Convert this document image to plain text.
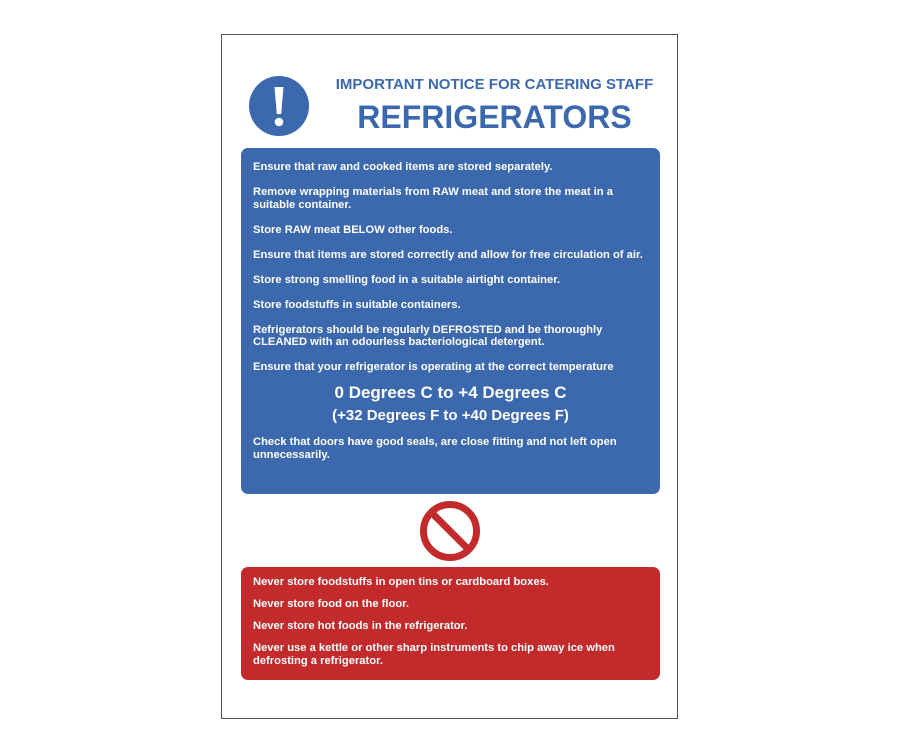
IMPORTANT NOTICE FOR CATERING STAFF
REFRIGERATORS
Ensure that raw and cooked items are stored separately.
Remove wrapping materials from RAW meat and store the meat in a suitable container.
Store RAW meat BELOW other foods.
Ensure that items are stored correctly and allow for free circulation of air.
Store strong smelling food in a suitable airtight container.
Store foodstuffs in suitable containers.
Refrigerators should be regularly DEFROSTED and be thoroughly CLEANED with an odourless bacteriological detergent.
Ensure that your refrigerator is operating at the correct temperature
0 Degrees C to +4 Degrees C
(+32 Degrees F to +40 Degrees F)
Check that doors have good seals, are close fitting and not left open unnecessarily.
Never store foodstuffs in open tins or cardboard boxes.
Never store food on the floor.
Never store hot foods in the refrigerator.
Never use a kettle or other sharp instruments to chip away ice when defrosting a refrigerator.
